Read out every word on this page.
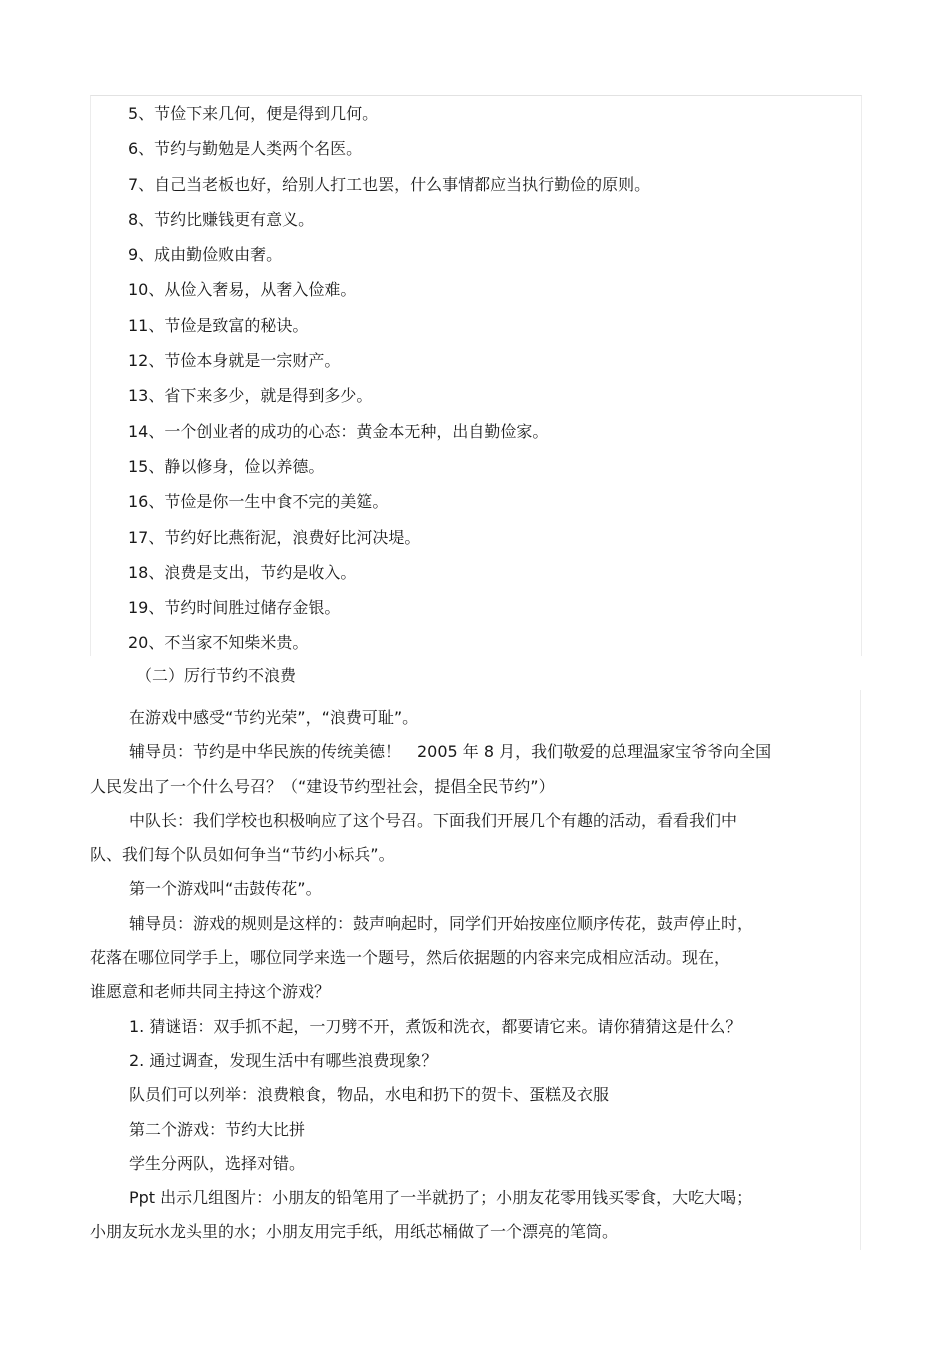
5、节俭下来几何，便是得到几何。
6、节约与勤勉是人类两个名医。
7、自己当老板也好，给别人打工也罢，什么事情都应当执行勤俭的原则。
8、节约比赚钱更有意义。
9、成由勤俭败由奢。
10、从俭入奢易，从奢入俭难。
11、节俭是致富的秘诀。
12、节俭本身就是一宗财产。
13、省下来多少，就是得到多少。
14、一个创业者的成功的心态：黄金本无种，出自勤俭家。
15、静以修身，俭以养德。
16、节俭是你一生中食不完的美筵。
17、节约好比燕衔泥，浪费好比河决堤。
18、浪费是支出，节约是收入。
19、节约时间胜过储存金银。
20、不当家不知柴米贵。
（二）厉行节约不浪费
在游戏中感受“节约光荣”，“浪费可耻”。
辅导员：节约是中华民族的传统美德！　2005 年 8 月，我们敬爱的总理温家宝爷爷向全国
人民发出了一个什么号召？（“建设节约型社会，提倡全民节约”）
中队长：我们学校也积极响应了这个号召。下面我们开展几个有趣的活动，看看我们中
队、我们每个队员如何争当“节约小标兵”。
第一个游戏叫“击鼓传花”。
辅导员：游戏的规则是这样的：鼓声响起时，同学们开始按座位顺序传花，鼓声停止时，
花落在哪位同学手上，哪位同学来选一个题号，然后依据题的内容来完成相应活动。现在，
谁愿意和老师共同主持这个游戏？
1. 猜谜语：双手抓不起，一刀劈不开，煮饭和洗衣，都要请它来。请你猜猜这是什么？
2. 通过调查，发现生活中有哪些浪费现象？
队员们可以列举：浪费粮食，物品，水电和扔下的贺卡、蛋糕及衣服
第二个游戏：节约大比拼
学生分两队，选择对错。
Ppt 出示几组图片：小朋友的铅笔用了一半就扔了；小朋友花零用钱买零食，大吃大喝；
小朋友玩水龙头里的水；小朋友用完手纸，用纸芯桶做了一个漂亮的笔筒。
